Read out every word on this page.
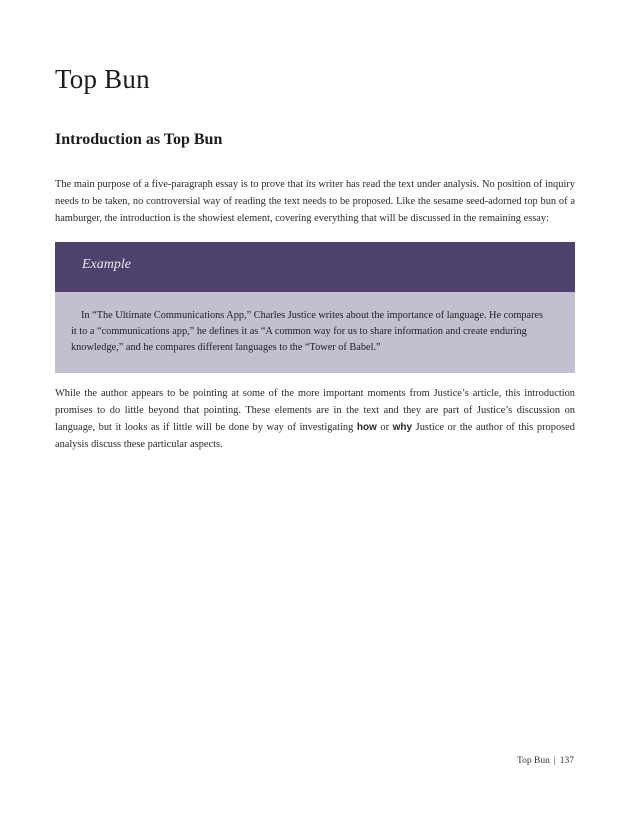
Top Bun
Introduction as Top Bun

The main purpose of a five-paragraph essay is to prove that its writer has read the text under analysis. No position of inquiry needs to be taken, no controversial way of reading the text needs to be proposed. Like the sesame seed-adorned top bun of a hamburger, the introduction is the showiest element, covering everything that will be discussed in the remaining essay:

Example

In “The Ultimate Communications App,” Charles Justice writes about the importance of language. He compares it to a “communications app,” he defines it as “A common way for us to share information and create enduring knowledge,” and he compares different languages to the “Tower of Babel.”

While the author appears to be pointing at some of the more important moments from Justice’s article, this introduction promises to do little beyond that pointing. These elements are in the text and they are part of Justice’s discussion on language, but it looks as if little will be done by way of investigating how or why Justice or the author of this proposed analysis discuss these particular aspects.

Top Bun | 137
